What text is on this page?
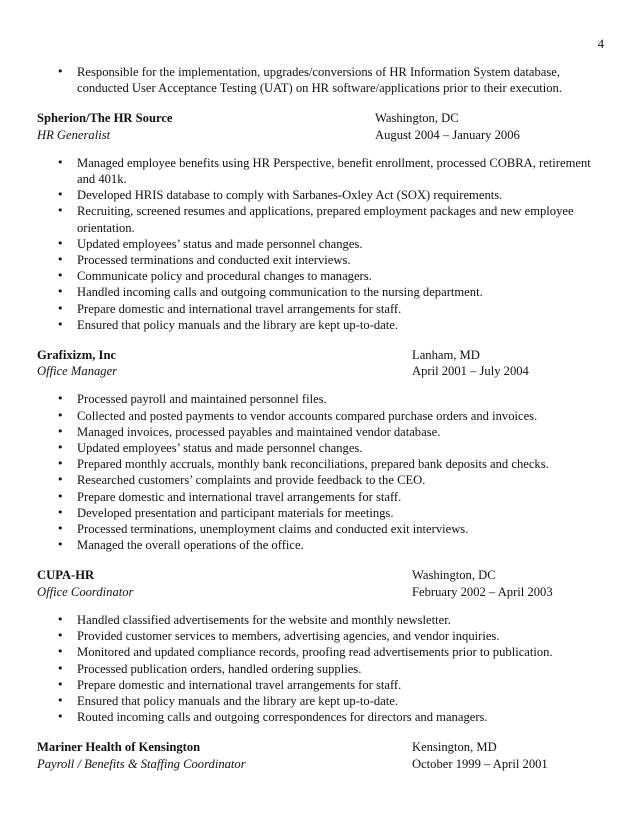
4
• Responsible for the implementation, upgrades/conversions of HR Information System database, conducted User Acceptance Testing (UAT) on HR software/applications prior to their execution.
Spherion/The HR Source	Washington, DC
HR Generalist	August 2004 – January 2006
• Managed employee benefits using HR Perspective, benefit enrollment, processed COBRA, retirement and 401k.
• Developed HRIS database to comply with Sarbanes-Oxley Act (SOX) requirements.
• Recruiting, screened resumes and applications, prepared employment packages and new employee orientation.
• Updated employees’ status and made personnel changes.
• Processed terminations and conducted exit interviews.
• Communicate policy and procedural changes to managers.
• Handled incoming calls and outgoing communication to the nursing department.
• Prepare domestic and international travel arrangements for staff.
• Ensured that policy manuals and the library are kept up-to-date.
Grafixizm, Inc	Lanham, MD
Office Manager	April 2001 – July 2004
• Processed payroll and maintained personnel files.
• Collected and posted payments to vendor accounts compared purchase orders and invoices.
• Managed invoices, processed payables and maintained vendor database.
• Updated employees’ status and made personnel changes.
• Prepared monthly accruals, monthly bank reconciliations, prepared bank deposits and checks.
• Researched customers’ complaints and provide feedback to the CEO.
• Prepare domestic and international travel arrangements for staff.
• Developed presentation and participant materials for meetings.
• Processed terminations, unemployment claims and conducted exit interviews.
• Managed the overall operations of the office.
CUPA-HR	Washington, DC
Office Coordinator	February 2002 – April 2003
• Handled classified advertisements for the website and monthly newsletter.
• Provided customer services to members, advertising agencies, and vendor inquiries.
• Monitored and updated compliance records, proofing read advertisements prior to publication.
• Processed publication orders, handled ordering supplies.
• Prepare domestic and international travel arrangements for staff.
• Ensured that policy manuals and the library are kept up-to-date.
• Routed incoming calls and outgoing correspondences for directors and managers.
Mariner Health of Kensington	Kensington, MD
Payroll / Benefits & Staffing Coordinator	October 1999 – April 2001
